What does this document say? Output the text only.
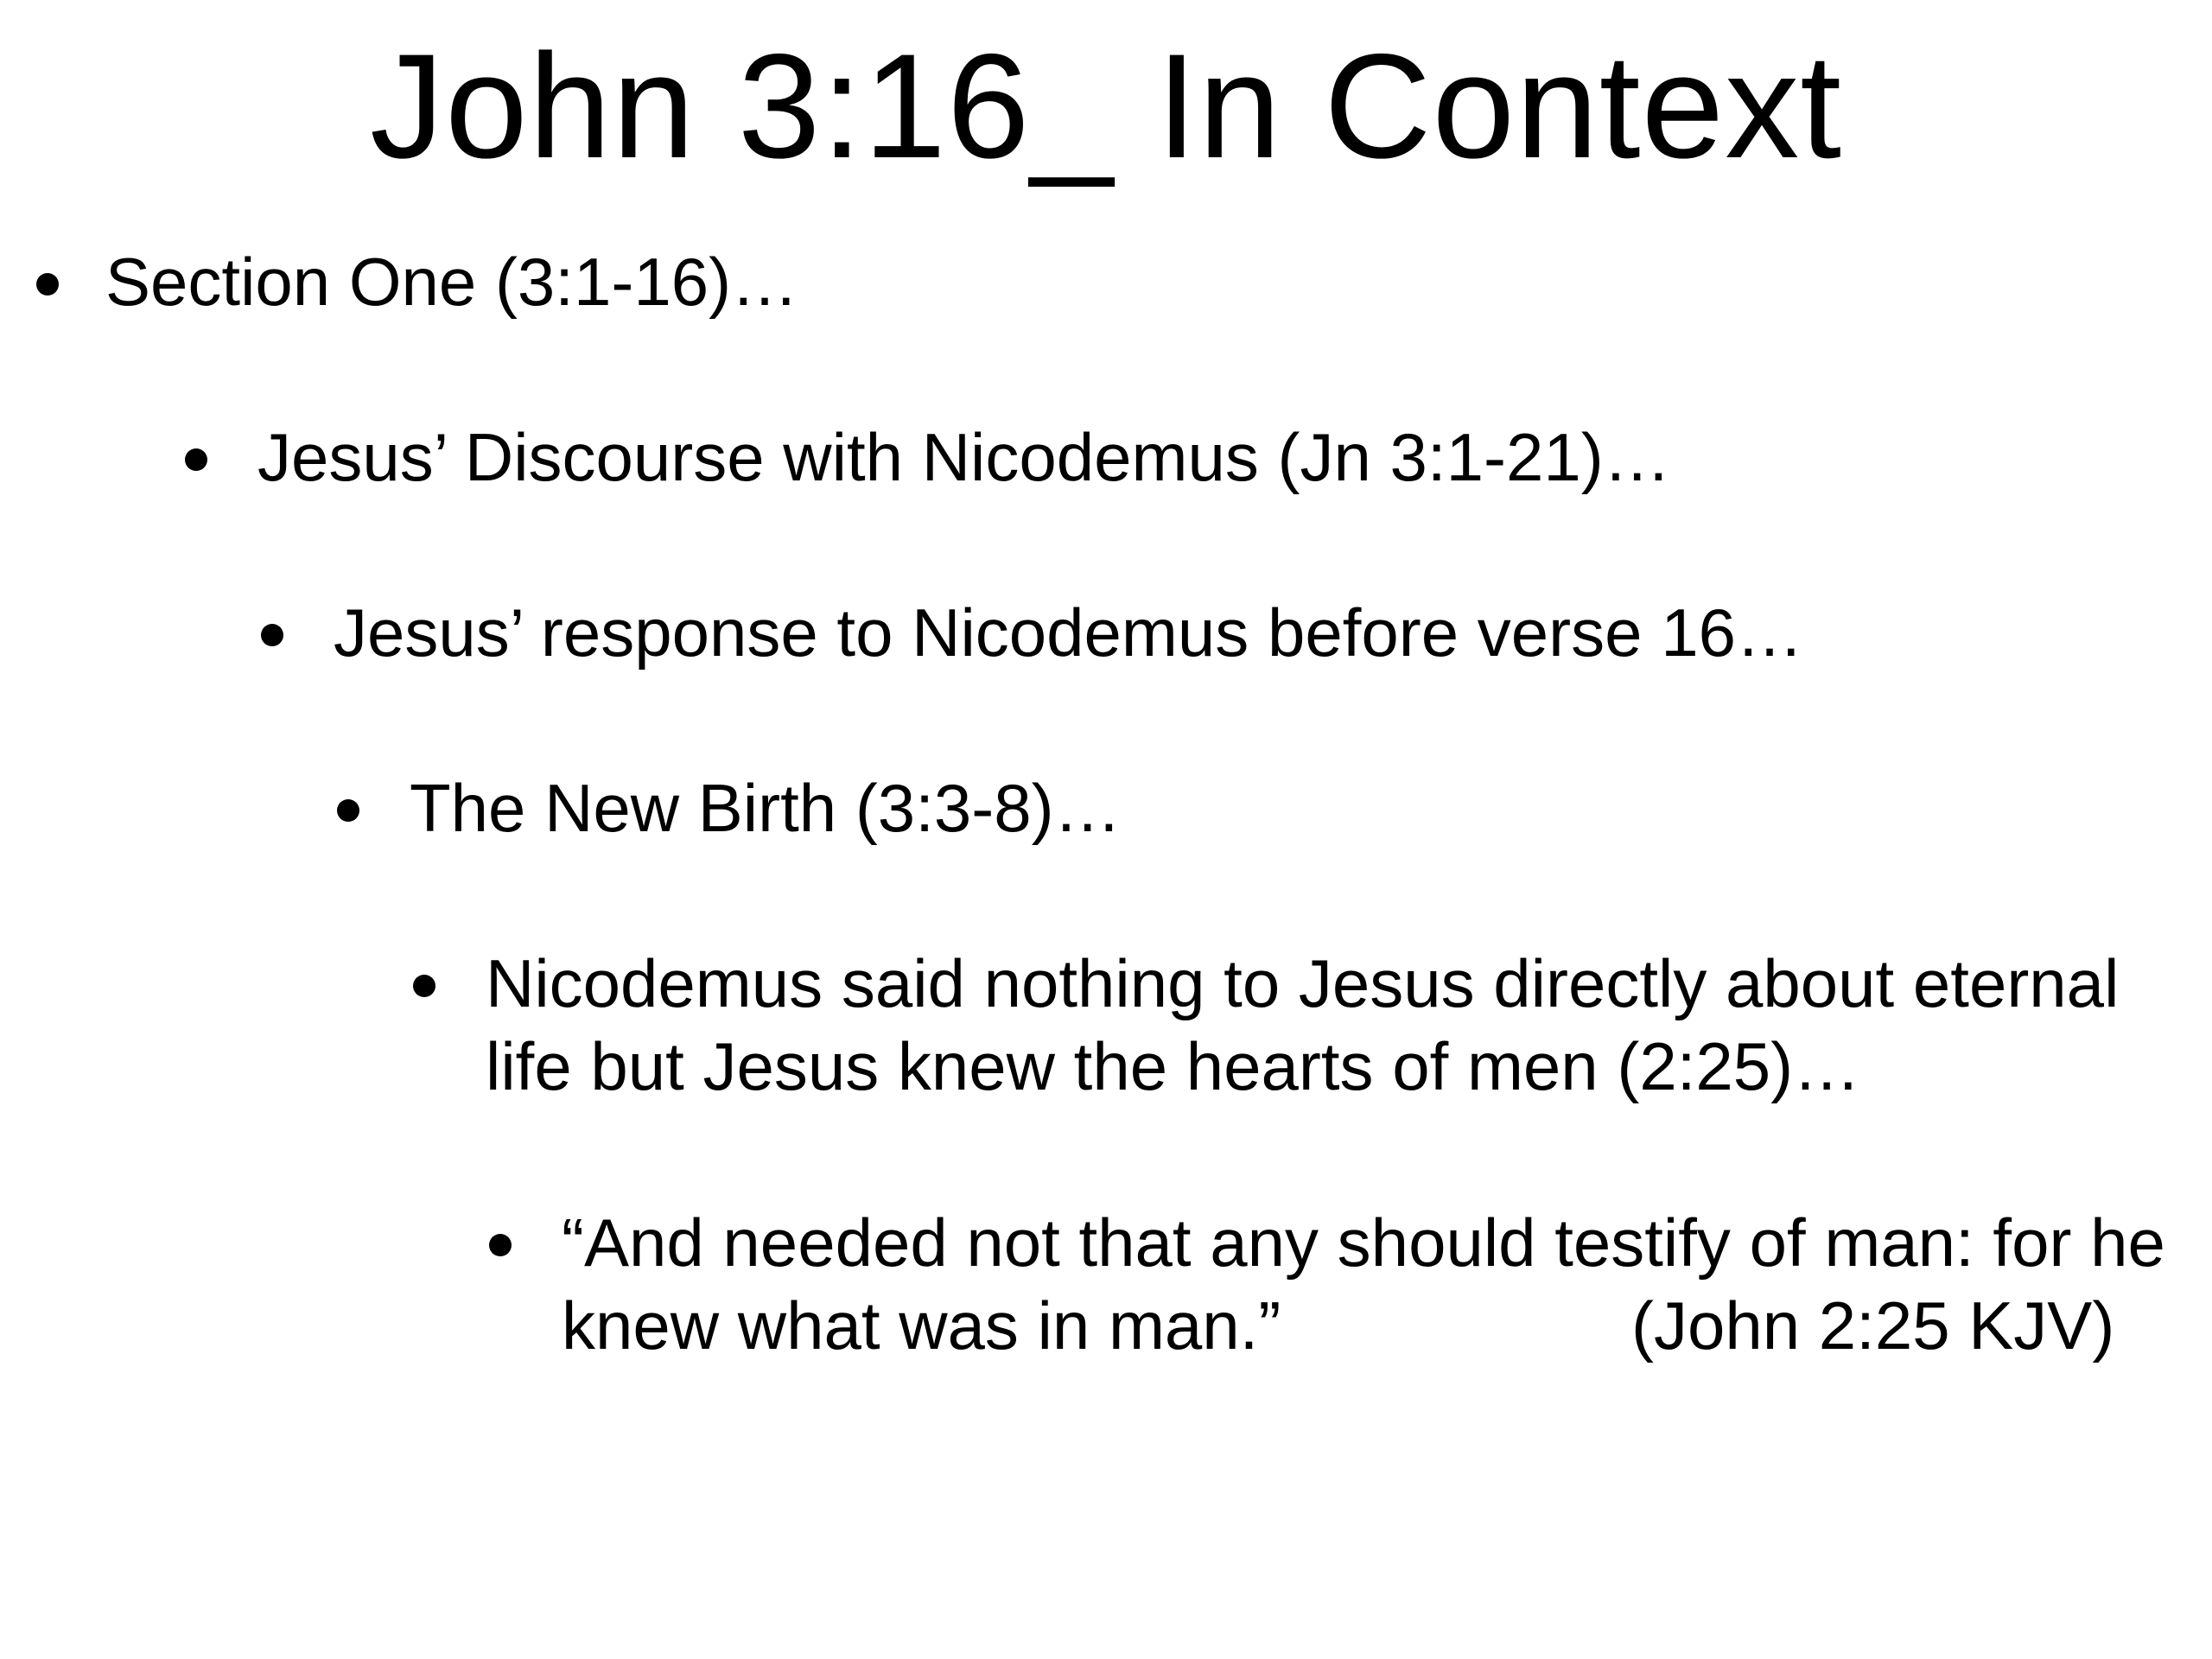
John 3:16_ In Context
Section One (3:1-16)…
Jesus’ Discourse with Nicodemus (Jn 3:1-21)…
Jesus’ response to Nicodemus before verse 16…
The New Birth (3:3-8)…
Nicodemus said nothing to Jesus directly about eternal life but Jesus knew the hearts of men (2:25)…
“And needed not that any should testify of man: for he knew what was in man.”	(John 2:25 KJV)
